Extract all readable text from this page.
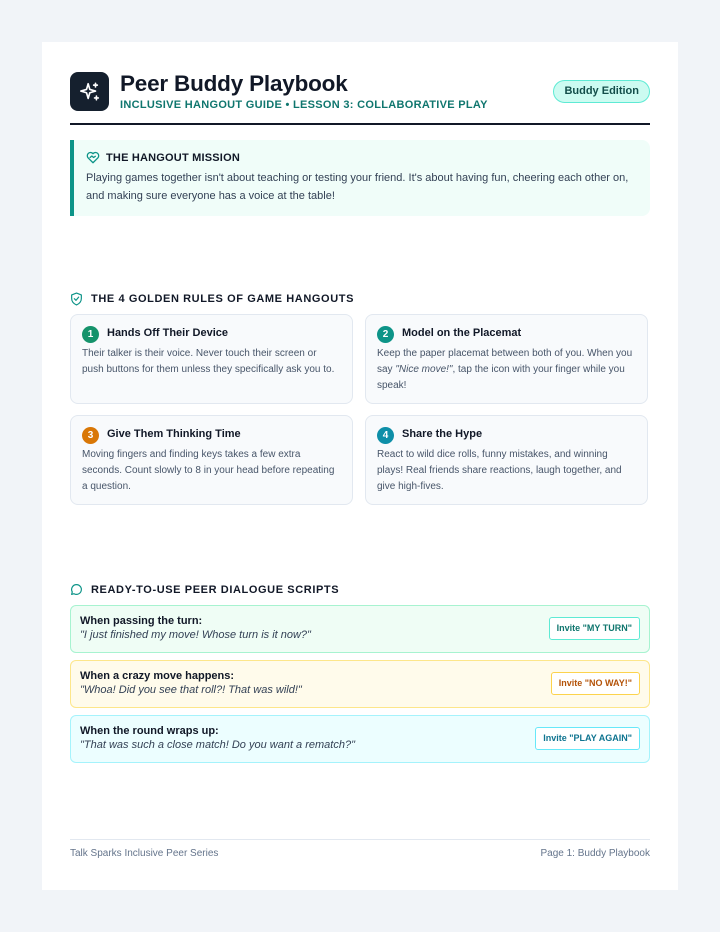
Peer Buddy Playbook
INCLUSIVE HANGOUT GUIDE • LESSON 3: COLLABORATIVE PLAY
Buddy Edition
THE HANGOUT MISSION
Playing games together isn't about teaching or testing your friend. It's about having fun, cheering each other on, and making sure everyone has a voice at the table!
THE 4 GOLDEN RULES OF GAME HANGOUTS
1	Hands Off Their Device
Their talker is their voice. Never touch their screen or push buttons for them unless they specifically ask you to.
2	Model on the Placemat
Keep the paper placemat between both of you. When you say "Nice move!", tap the icon with your finger while you speak!
3	Give Them Thinking Time
Moving fingers and finding keys takes a few extra seconds. Count slowly to 8 in your head before repeating a question.
4	Share the Hype
React to wild dice rolls, funny mistakes, and winning plays! Real friends share reactions, laugh together, and give high-fives.
READY-TO-USE PEER DIALOGUE SCRIPTS
When passing the turn:
"I just finished my move! Whose turn is it now?"
Invite "MY TURN"
When a crazy move happens:
"Whoa! Did you see that roll?! That was wild!"
Invite "NO WAY!"
When the round wraps up:
"That was such a close match! Do you want a rematch?"
Invite "PLAY AGAIN"
Talk Sparks Inclusive Peer Series	Page 1: Buddy Playbook
